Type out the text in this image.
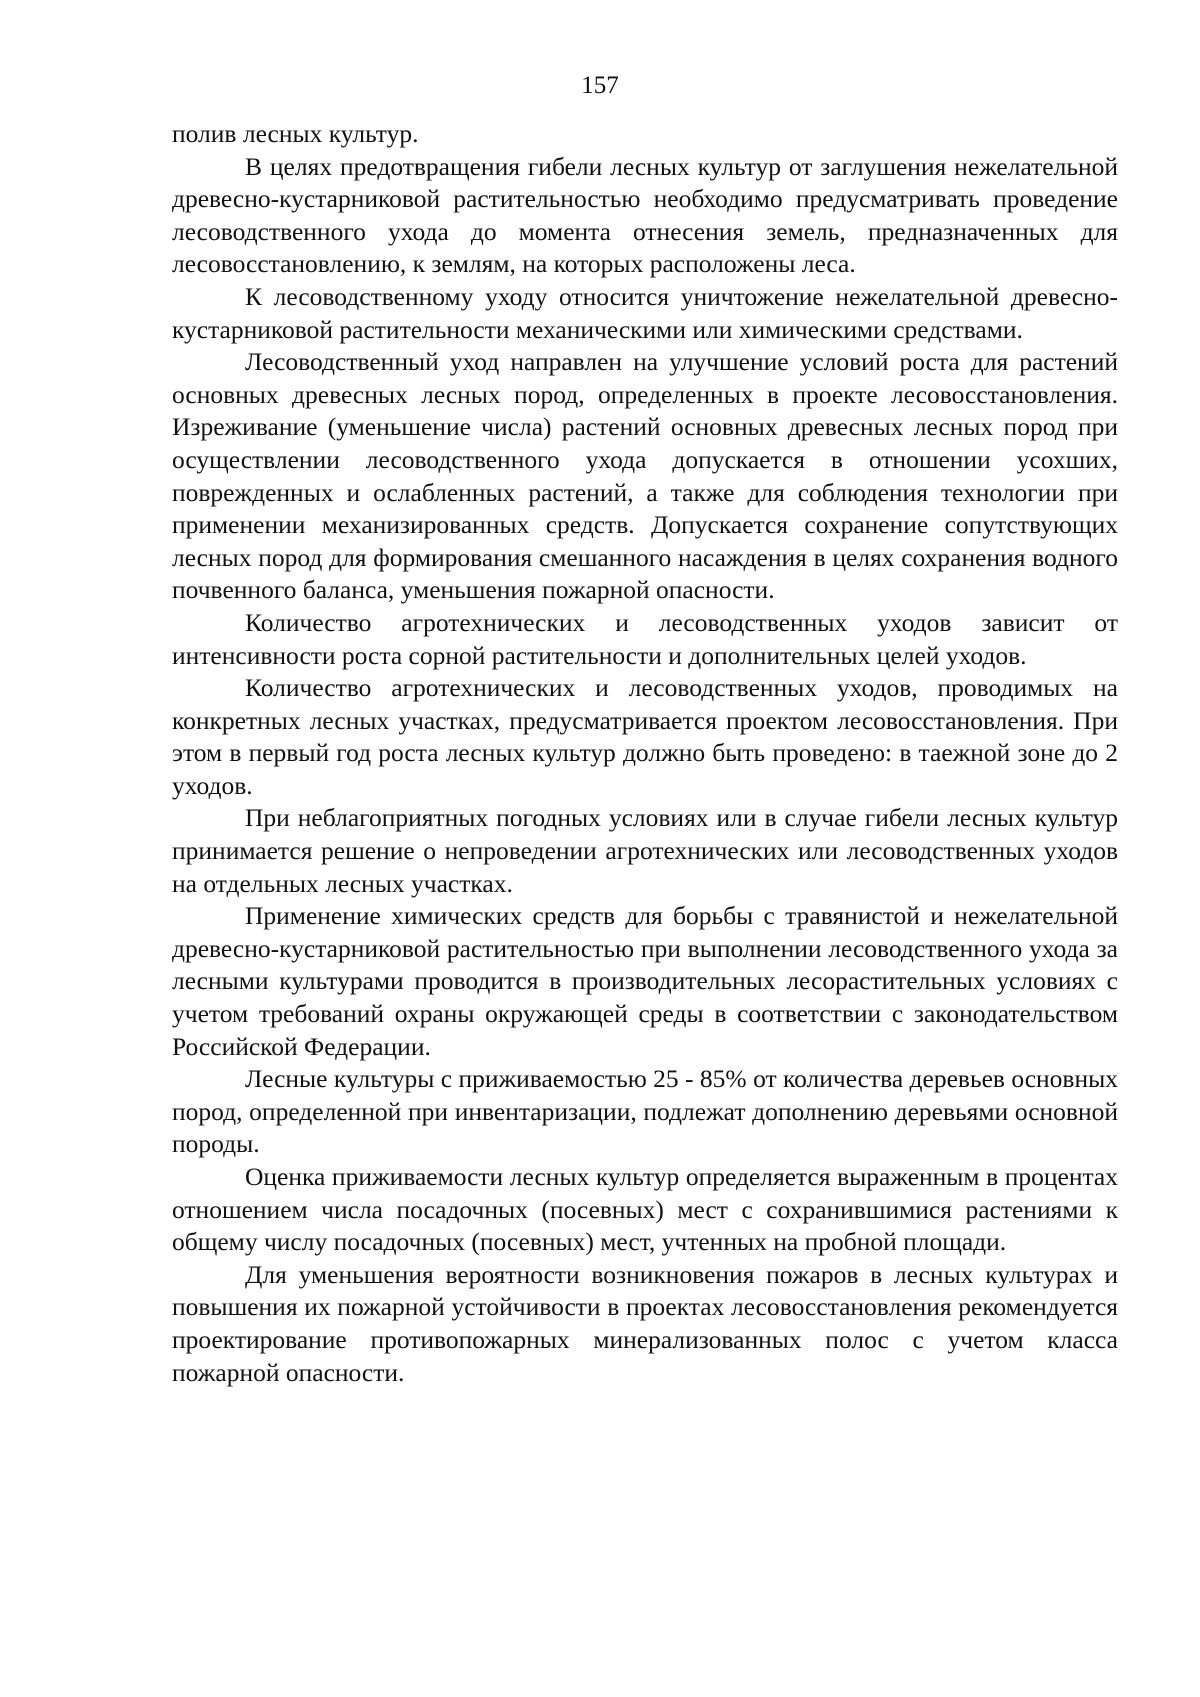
157

полив лесных культур.

В целях предотвращения гибели лесных культур от заглушения нежелательной древесно-кустарниковой растительностью необходимо предусматривать проведение лесоводственного ухода до момента отнесения земель, предназначенных для лесовосстановлению, к землям, на которых расположены леса.

К лесоводственному уходу относится уничтожение нежелательной древесно-кустарниковой растительности механическими или химическими средствами.

Лесоводственный уход направлен на улучшение условий роста для растений основных древесных лесных пород, определенных в проекте лесовосстановления. Изреживание (уменьшение числа) растений основных древесных лесных пород при осуществлении лесоводственного ухода допускается в отношении усохших, поврежденных и ослабленных растений, а также для соблюдения технологии при применении механизированных средств. Допускается сохранение сопутствующих лесных пород для формирования смешанного насаждения в целях сохранения водного почвенного баланса, уменьшения пожарной опасности.

Количество агротехнических и лесоводственных уходов зависит от интенсивности роста сорной растительности и дополнительных целей уходов.

Количество агротехнических и лесоводственных уходов, проводимых на конкретных лесных участках, предусматривается проектом лесовосстановления. При этом в первый год роста лесных культур должно быть проведено: в таежной зоне до 2 уходов.

При неблагоприятных погодных условиях или в случае гибели лесных культур принимается решение о непроведении агротехнических или лесоводственных уходов на отдельных лесных участках.

Применение химических средств для борьбы с травянистой и нежелательной древесно-кустарниковой растительностью при выполнении лесоводственного ухода за лесными культурами проводится в производительных лесорастительных условиях с учетом требований охраны окружающей среды в соответствии с законодательством Российской Федерации.

Лесные культуры с приживаемостью 25 - 85% от количества деревьев основных пород, определенной при инвентаризации, подлежат дополнению деревьями основной породы.

Оценка приживаемости лесных культур определяется выраженным в процентах отношением числа посадочных (посевных) мест с сохранившимися растениями к общему числу посадочных (посевных) мест, учтенных на пробной площади.

Для уменьшения вероятности возникновения пожаров в лесных культурах и повышения их пожарной устойчивости в проектах лесовосстановления рекомендуется проектирование противопожарных минерализованных полос с учетом класса пожарной опасности.
